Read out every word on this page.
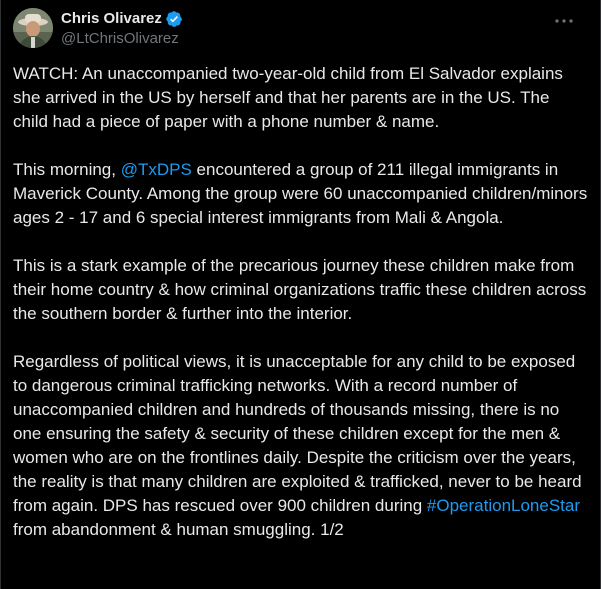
Chris Olivarez
@LtChrisOlivarez

WATCH: An unaccompanied two-year-old child from El Salvador explains she arrived in the US by herself and that her parents are in the US. The child had a piece of paper with a phone number & name.

This morning, @TxDPS encountered a group of 211 illegal immigrants in Maverick County. Among the group were 60 unaccompanied children/minors ages 2 - 17 and 6 special interest immigrants from Mali & Angola.

This is a stark example of the precarious journey these children make from their home country & how criminal organizations traffic these children across the southern border & further into the interior.

Regardless of political views, it is unacceptable for any child to be exposed to dangerous criminal trafficking networks. With a record number of unaccompanied children and hundreds of thousands missing, there is no one ensuring the safety & security of these children except for the men & women who are on the frontlines daily. Despite the criticism over the years, the reality is that many children are exploited & trafficked, never to be heard from again. DPS has rescued over 900 children during #OperationLoneStar from abandonment & human smuggling. 1/2
